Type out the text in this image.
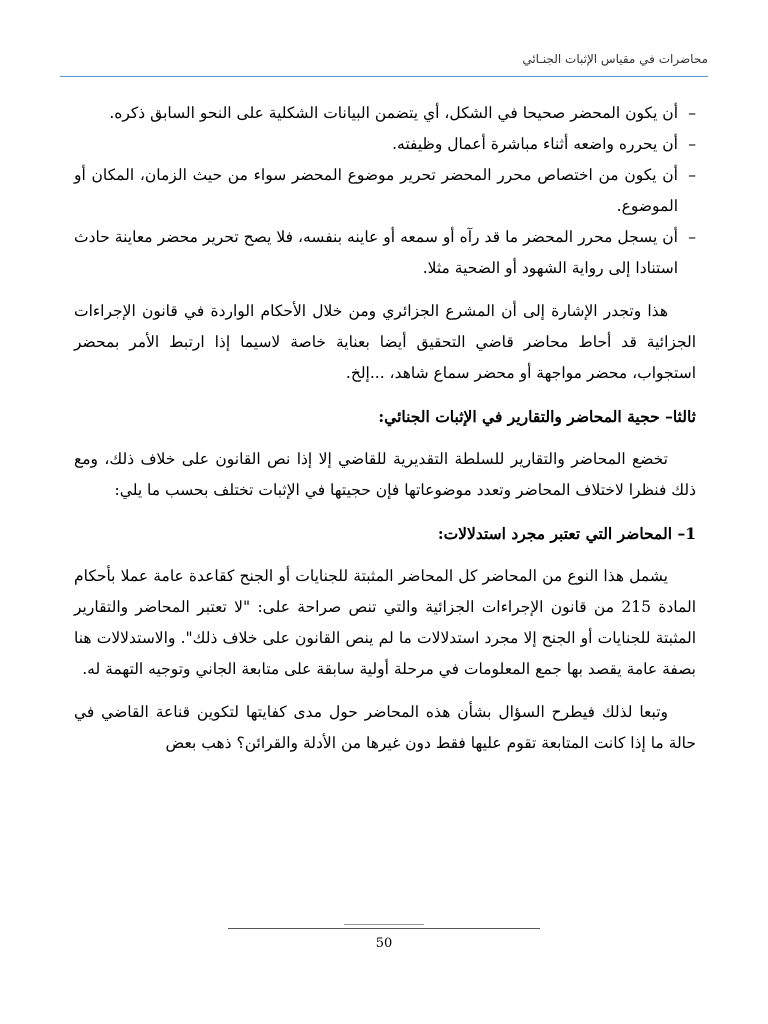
محاضرات في مقياس الإثبات الجنـائي
–
أن يكون المحضر صحيحا في الشكل، أي يتضمن البيانات الشكلية على النحو السابق ذكره.
–
أن يحرره واضعه أثناء مباشرة أعمال وظيفته.
–
أن يكون من اختصاص محرر المحضر تحرير موضوع المحضر سواء من حيث الزمان، المكان أو الموضوع.
–
أن يسجل محرر المحضر ما قد رآه أو سمعه أو عاينه بنفسه، فلا يصح تحرير محضر معاينة حادث استنادا إلى رواية الشهود أو الضحية مثلا.

هذا وتجدر الإشارة إلى أن المشرع الجزائري ومن خلال الأحكام الواردة في قانون الإجراءات الجزائية قد أحاط محاضر قاضي التحقيق أيضا بعناية خاصة لاسيما إذا ارتبط الأمر بمحضر استجواب، محضر مواجهة أو محضر سماع شاهد، ...إلخ.

ثالثا– حجية المحاضر والتقارير في الإثبات الجنائي:

تخضع المحاضر والتقارير للسلطة التقديرية للقاضي إلا إذا نص القانون على خلاف ذلك، ومع ذلك فنظرا لاختلاف المحاضر وتعدد موضوعاتها فإن حجيتها في الإثبات تختلف بحسب ما يلي:

1– المحاضر التي تعتبر مجرد استدلالات:

يشمل هذا النوع من المحاضر كل المحاضر المثبتة للجنايات أو الجنح كقاعدة عامة عملا بأحكام المادة 215 من قانون الإجراءات الجزائية والتي تنص صراحة على: "لا تعتبر المحاضر والتقارير المثبتة للجنايات أو الجنح إلا مجرد استدلالات ما لم ينص القانون على خلاف ذلك". والاستدلالات هنا بصفة عامة يقصد بها جمع المعلومات في مرحلة أولية سابقة على متابعة الجاني وتوجيه التهمة له.

وتبعا لذلك فيطرح السؤال بشأن هذه المحاضر حول مدى كفايتها لتكوين قناعة القاضي في حالة ما إذا كانت المتابعة تقوم عليها فقط دون غيرها من الأدلة والقرائن؟ ذهب بعض

50
